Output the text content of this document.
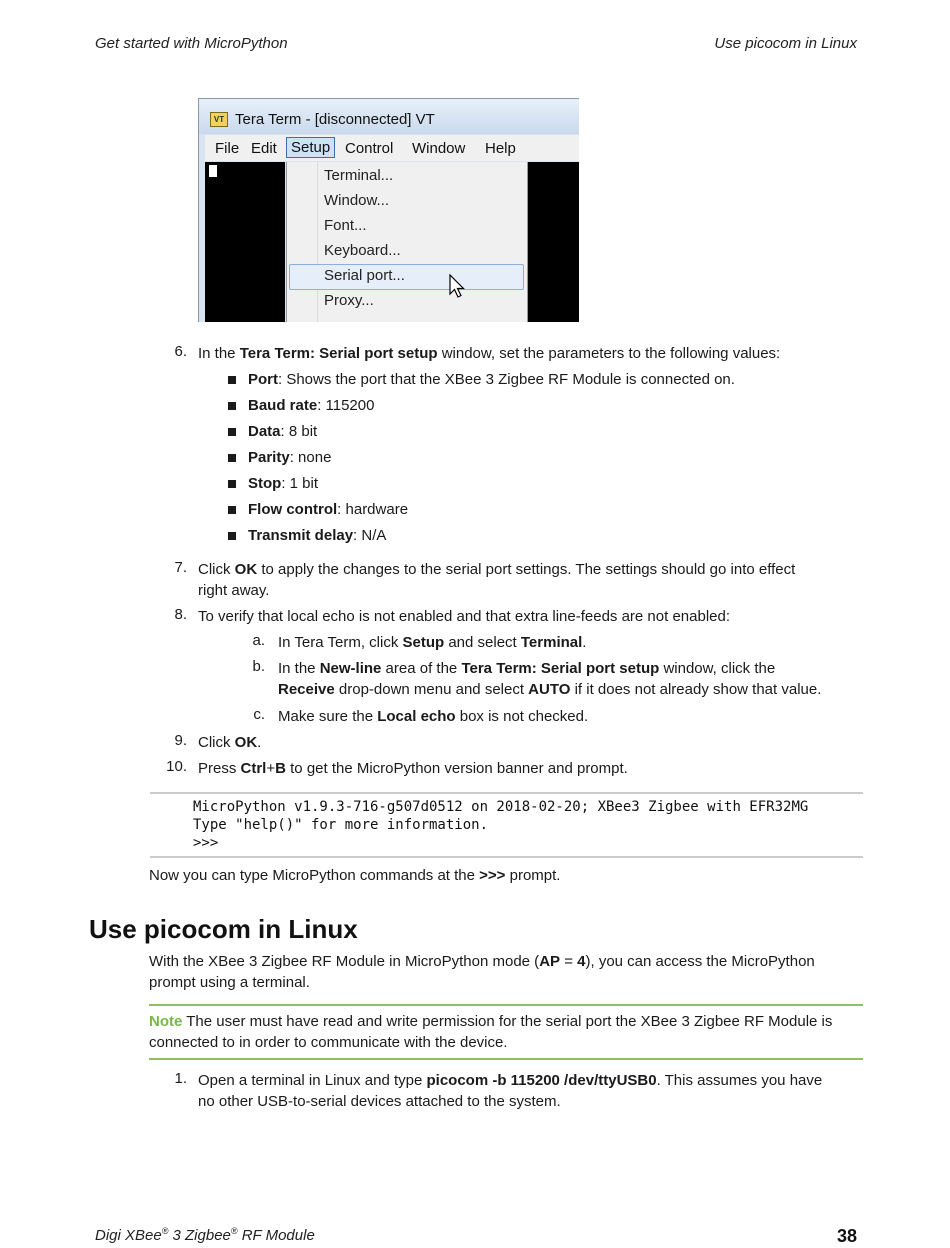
Get started with MicroPython	Use picocom in Linux
VT Tera Term - [disconnected] VT
File Edit Setup Control Window Help
Terminal...
Window...
Font...
Keyboard...
Serial port...
Proxy...
6. In the Tera Term: Serial port setup window, set the parameters to the following values:
Port: Shows the port that the XBee 3 Zigbee RF Module is connected on.
Baud rate: 115200
Data: 8 bit
Parity: none
Stop: 1 bit
Flow control: hardware
Transmit delay: N/A
7. Click OK to apply the changes to the serial port settings. The settings should go into effect
right away.
8. To verify that local echo is not enabled and that extra line-feeds are not enabled:
a. In Tera Term, click Setup and select Terminal.
b. In the New-line area of the Tera Term: Serial port setup window, click the
Receive drop-down menu and select AUTO if it does not already show that value.
c. Make sure the Local echo box is not checked.
9. Click OK.
10. Press Ctrl+B to get the MicroPython version banner and prompt.
MicroPython v1.9.3-716-g507d0512 on 2018-02-20; XBee3 Zigbee with EFR32MG
Type "help()" for more information.
>>>
Now you can type MicroPython commands at the >>> prompt.
Use picocom in Linux
With the XBee 3 Zigbee RF Module in MicroPython mode (AP = 4), you can access the MicroPython
prompt using a terminal.
Note The user must have read and write permission for the serial port the XBee 3 Zigbee RF Module is
connected to in order to communicate with the device.
1. Open a terminal in Linux and type picocom -b 115200 /dev/ttyUSB0. This assumes you have
no other USB-to-serial devices attached to the system.
Digi XBee® 3 Zigbee® RF Module	38
